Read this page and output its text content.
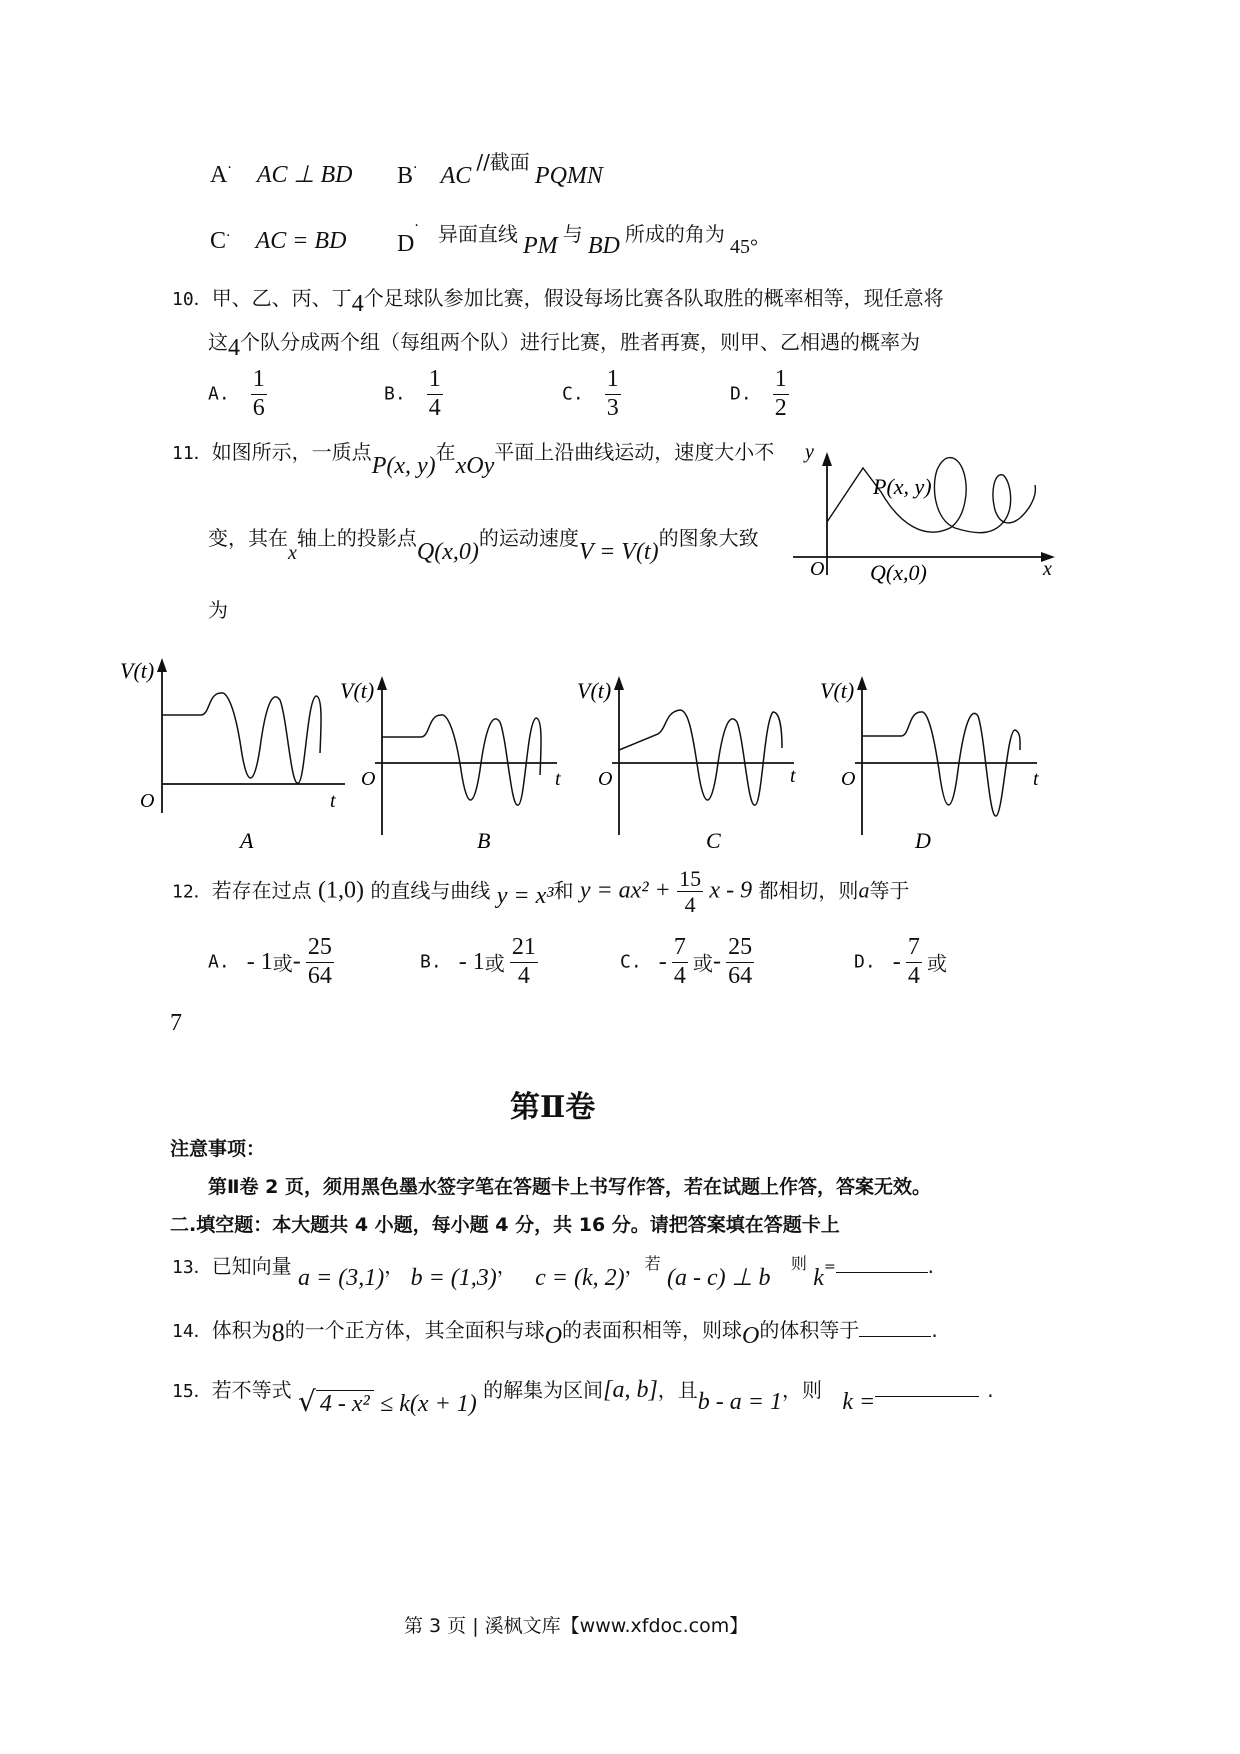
A· AC ⊥ BD B· AC //截面 PQMN
C· AC = BD D· 异面直线 PM 与 BD 所成的角为 45°
10．甲、乙、丙、丁4个足球队参加比赛，假设每场比赛各队取胜的概率相等，现任意将
这4个队分成两个组（每组两个队）进行比赛，胜者再赛，则甲、乙相遇的概率为
A. $\frac{1}{6}$	B. $\frac{1}{4}$	C. $\frac{1}{3}$	D. $\frac{1}{2}$
11．如图所示，一质点P(x, y)在xOy平面上沿曲线运动，速度大小不
变，其在x轴上的投影点Q(x,0)的运动速度V = V(t)的图象大致
为
y
O	x
P(x, y)
Q(x,0)
V(t)
O	t
A
V(t)
O	t
B
V(t)
O	t
C
V(t)
O	t
D
12．若存在过点 (1,0) 的直线与曲线 y = x³和 $y = ax^2 + \frac{15}{4}$ x - 9 都相切，则a等于
A. - 1或- $\frac{25}{64}$	B. - 1或 $\frac{21}{4}$	C. - $\frac{7}{4}$ 或- $\frac{25}{64}$	D. - $\frac{7}{4}$ 或
7
第Ⅱ卷
注意事项：
第Ⅱ卷 2 页，须用黑色墨水签字笔在答题卡上书写作答，若在试题上作答，答案无效。
二.填空题：本大题共 4 小题，每小题 4 分，共 16 分。请把答案填在答题卡上
13．已知向量 a = (3,1)， b = (1,3)， c = (k, 2)，$^若$ (a - c) ⊥ b $^则$ k=	.
14．体积为8的一个正方体，其全面积与球O的表面积相等，则球O的体积等于	.
15．若不等式 √ 4 - x² ≤ k(x + 1) 的解集为区间[a, b]，且b - a = 1，则 k =	.
第 3 页 | 溪枫文库【www.xfdoc.com】
